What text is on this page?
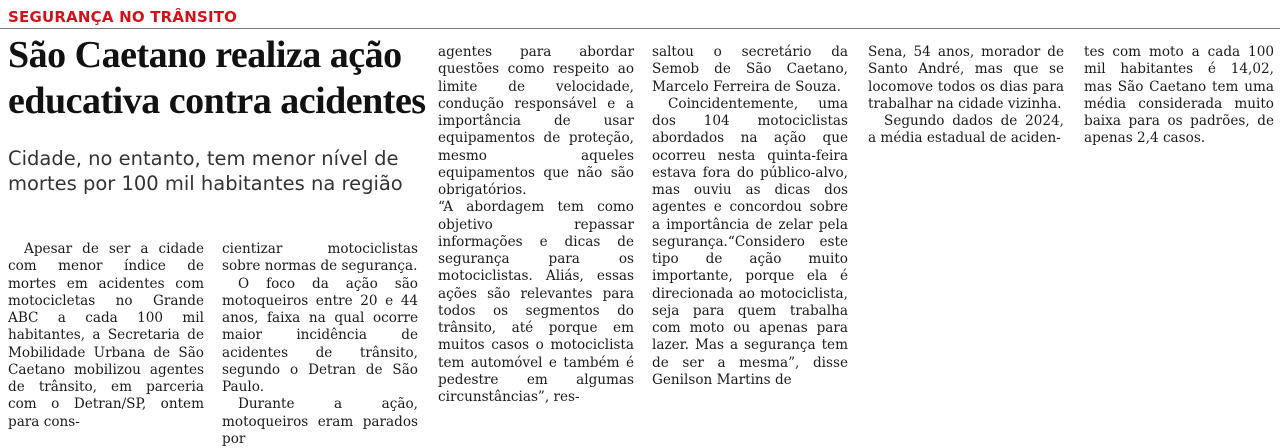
SEGURANÇA NO TRÂNSITO
São Caetano realiza ação educativa contra acidentes
Cidade, no entanto, tem menor nível de mortes por 100 mil habitantes na região

Apesar de ser a cidade com menor índice de mortes em acidentes com motocicletas no Grande ABC a cada 100 mil habitantes, a Secretaria de Mobilidade Urbana de São Caetano mobilizou agentes de trânsito, em parceria com o Detran/SP, ontem para cons-

cientizar motociclistas sobre normas de segurança.

O foco da ação são motoqueiros entre 20 e 44 anos, faixa na qual ocorre maior incidência de acidentes de trânsito, segundo o Detran de São Paulo.

Durante a ação, motoqueiros eram parados por

agentes para abordar questões como respeito ao limite de velocidade, condução responsável e a importância de usar equipamentos de proteção, mesmo aqueles equipamentos que não são obrigatórios.

“A abordagem tem como objetivo repassar informações e dicas de segurança para os motociclistas. Aliás, essas ações são relevantes para todos os segmentos do trânsito, até porque em muitos casos o motociclista tem automóvel e também é pedestre em algumas circunstâncias”, res-

saltou o secretário da Semob de São Caetano, Marcelo Ferreira de Souza.

Coincidentemente, uma dos 104 motociclistas abordados na ação que ocorreu nesta quinta-feira estava fora do público-alvo, mas ouviu as dicas dos agentes e concordou sobre a importância de zelar pela segurança.“Considero este tipo de ação muito importante, porque ela é direcionada ao motociclista, seja para quem trabalha com moto ou apenas para lazer. Mas a segurança tem de ser a mesma”, disse Genilson Martins de

Sena, 54 anos, morador de Santo André, mas que se locomove todos os dias para trabalhar na cidade vizinha.

Segundo dados de 2024, a média estadual de aciden-

tes com moto a cada 100 mil habitantes é 14,02, mas São Caetano tem uma média considerada muito baixa para os padrões, de apenas 2,4 casos.
